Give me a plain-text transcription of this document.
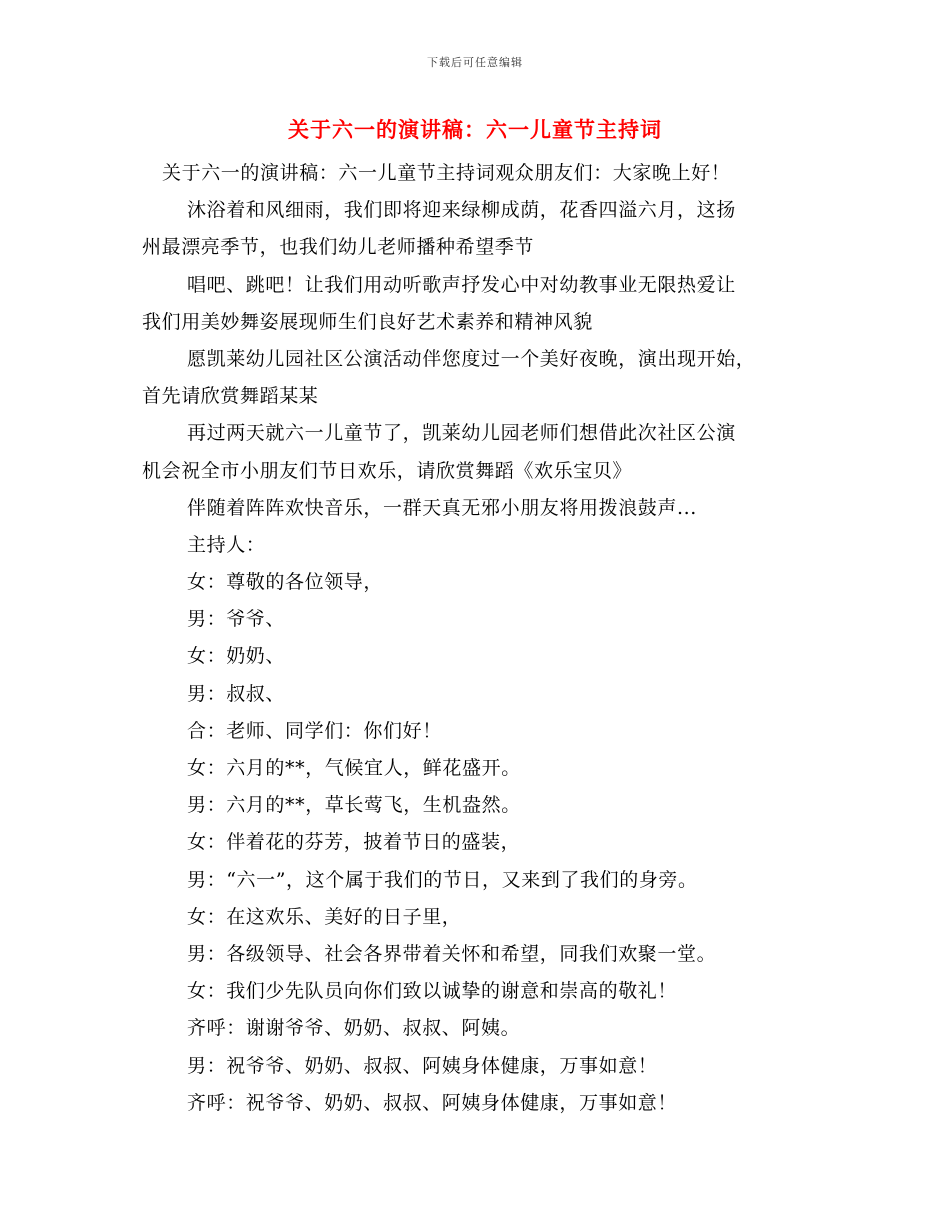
下载后可任意编辑
关于六一的演讲稿：六一儿童节主持词
关于六一的演讲稿：六一儿童节主持词观众朋友们：大家晚上好！
沐浴着和风细雨，我们即将迎来绿柳成荫，花香四溢六月，这扬
州最漂亮季节，也我们幼儿老师播种希望季节
唱吧、跳吧！让我们用动听歌声抒发心中对幼教事业无限热爱让
我们用美妙舞姿展现师生们良好艺术素养和精神风貌
愿凯莱幼儿园社区公演活动伴您度过一个美好夜晚，演出现开始，
首先请欣赏舞蹈某某
再过两天就六一儿童节了，凯莱幼儿园老师们想借此次社区公演
机会祝全市小朋友们节日欢乐，请欣赏舞蹈《欢乐宝贝》
伴随着阵阵欢快音乐，一群天真无邪小朋友将用拨浪鼓声...
主持人：
女：尊敬的各位领导，
男：爷爷、
女：奶奶、
男：叔叔、
合：老师、同学们：你们好！
女：六月的**，气候宜人，鲜花盛开。
男：六月的**，草长莺飞，生机盎然。
女：伴着花的芬芳，披着节日的盛装，
男：“六一”，这个属于我们的节日，又来到了我们的身旁。
女：在这欢乐、美好的日子里，
男：各级领导、社会各界带着关怀和希望，同我们欢聚一堂。
女：我们少先队员向你们致以诚挚的谢意和崇高的敬礼！
齐呼：谢谢爷爷、奶奶、叔叔、阿姨。
男：祝爷爷、奶奶、叔叔、阿姨身体健康，万事如意！
齐呼：祝爷爷、奶奶、叔叔、阿姨身体健康，万事如意！
